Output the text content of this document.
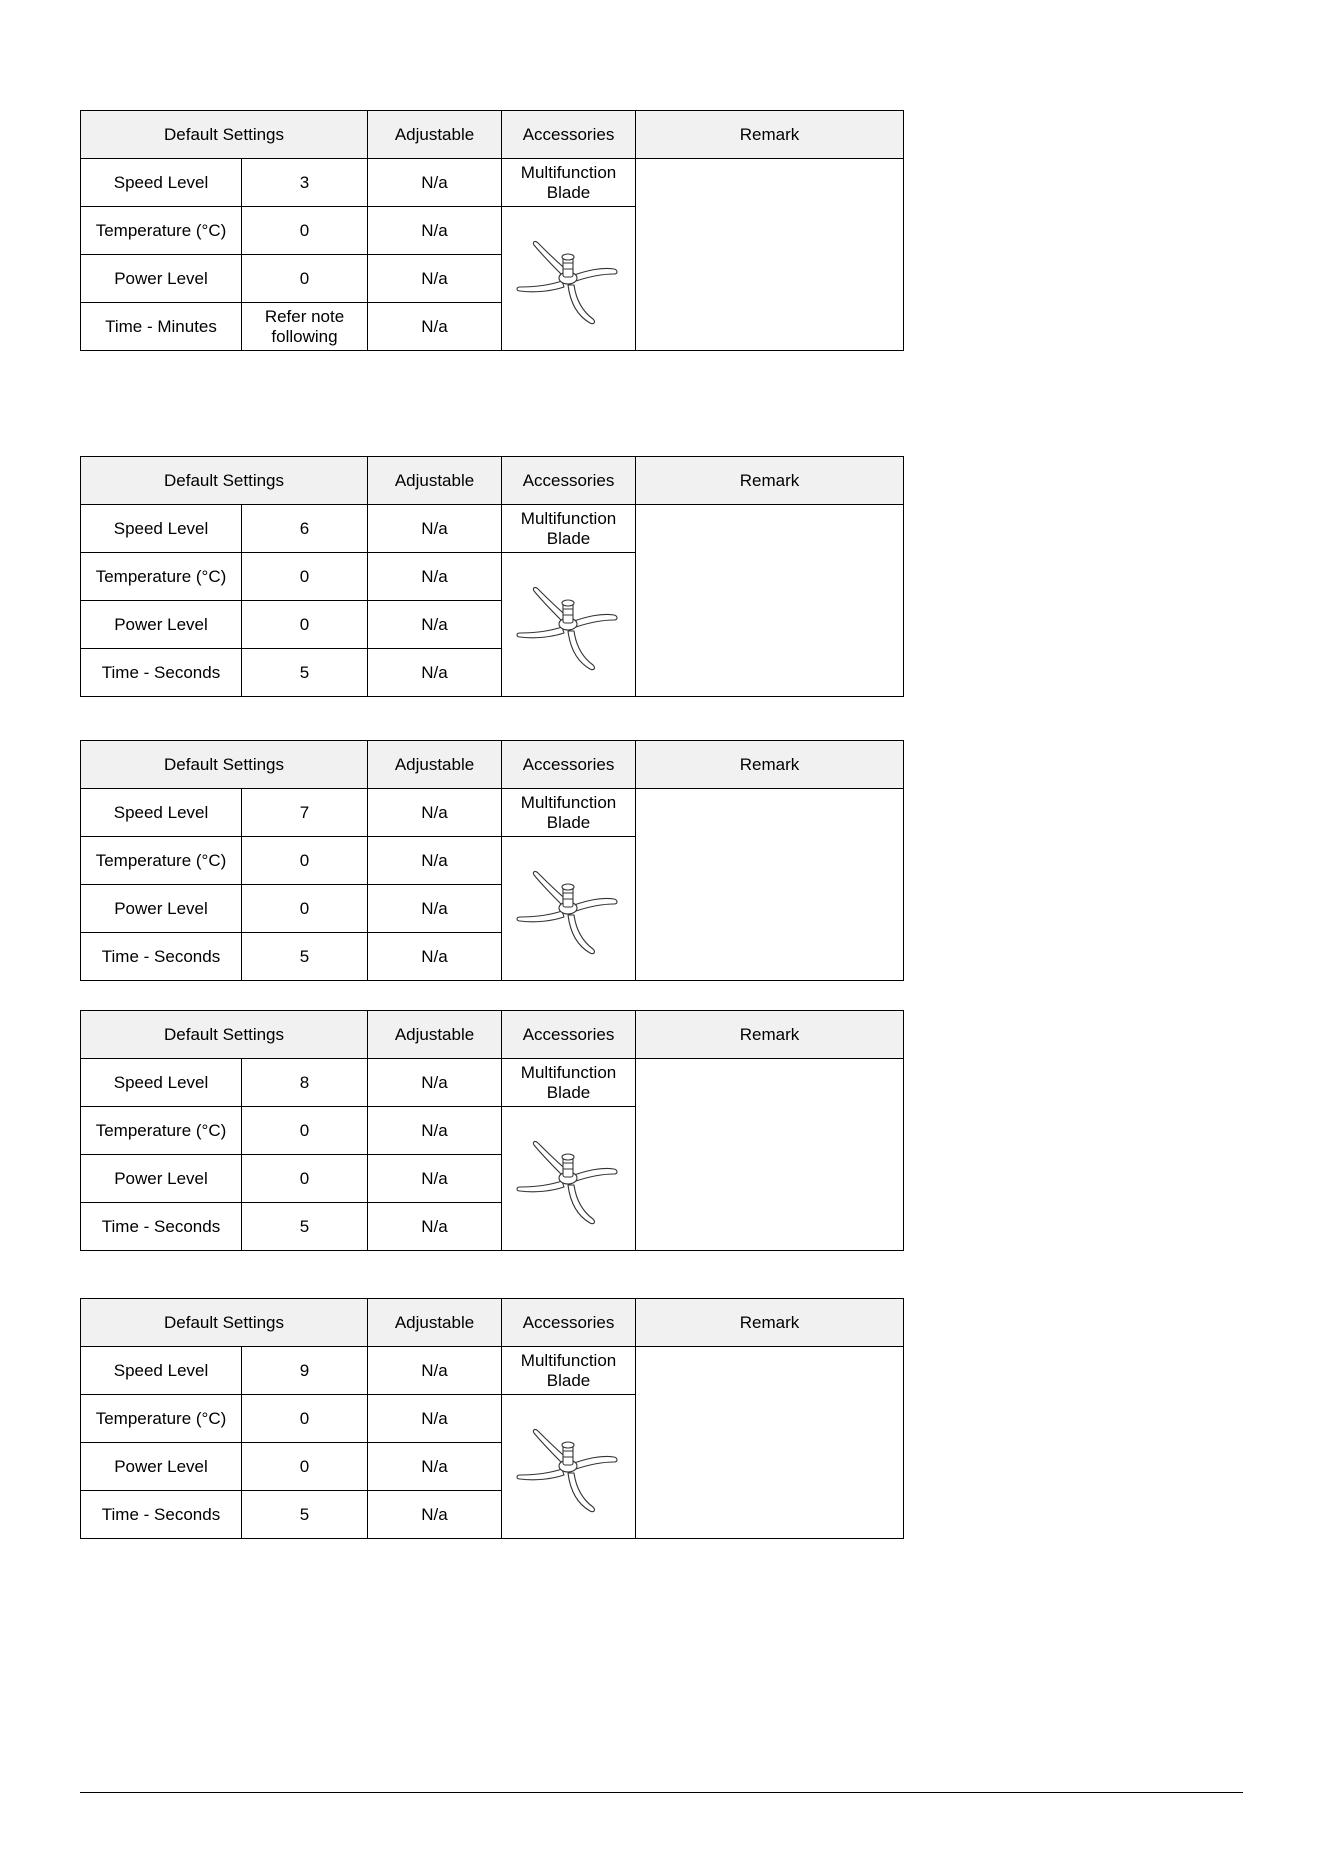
Default Settings		Adjustable	Accessories	Remark
Speed Level	3	N/a	Multifunction
Blade	
Temperature (°C)	0	N/a	

Power Level	0	N/a		
Time - Minutes	Refer note following	N/a		
Default Settings		Adjustable	Accessories	Remark
Speed Level	6	N/a	Multifunction
Blade	
Temperature (°C)	0	N/a	

Power Level	0	N/a		
Time - Seconds	5	N/a		
Default Settings		Adjustable	Accessories	Remark
Speed Level	7	N/a	Multifunction
Blade	
Temperature (°C)	0	N/a	

Power Level	0	N/a		
Time - Seconds	5	N/a		
Default Settings		Adjustable	Accessories	Remark
Speed Level	8	N/a	Multifunction
Blade	
Temperature (°C)	0	N/a	

Power Level	0	N/a		
Time - Seconds	5	N/a		
Default Settings		Adjustable	Accessories	Remark
Speed Level	9	N/a	Multifunction
Blade	
Temperature (°C)	0	N/a	

Power Level	0	N/a		
Time - Seconds	5	N/a		
